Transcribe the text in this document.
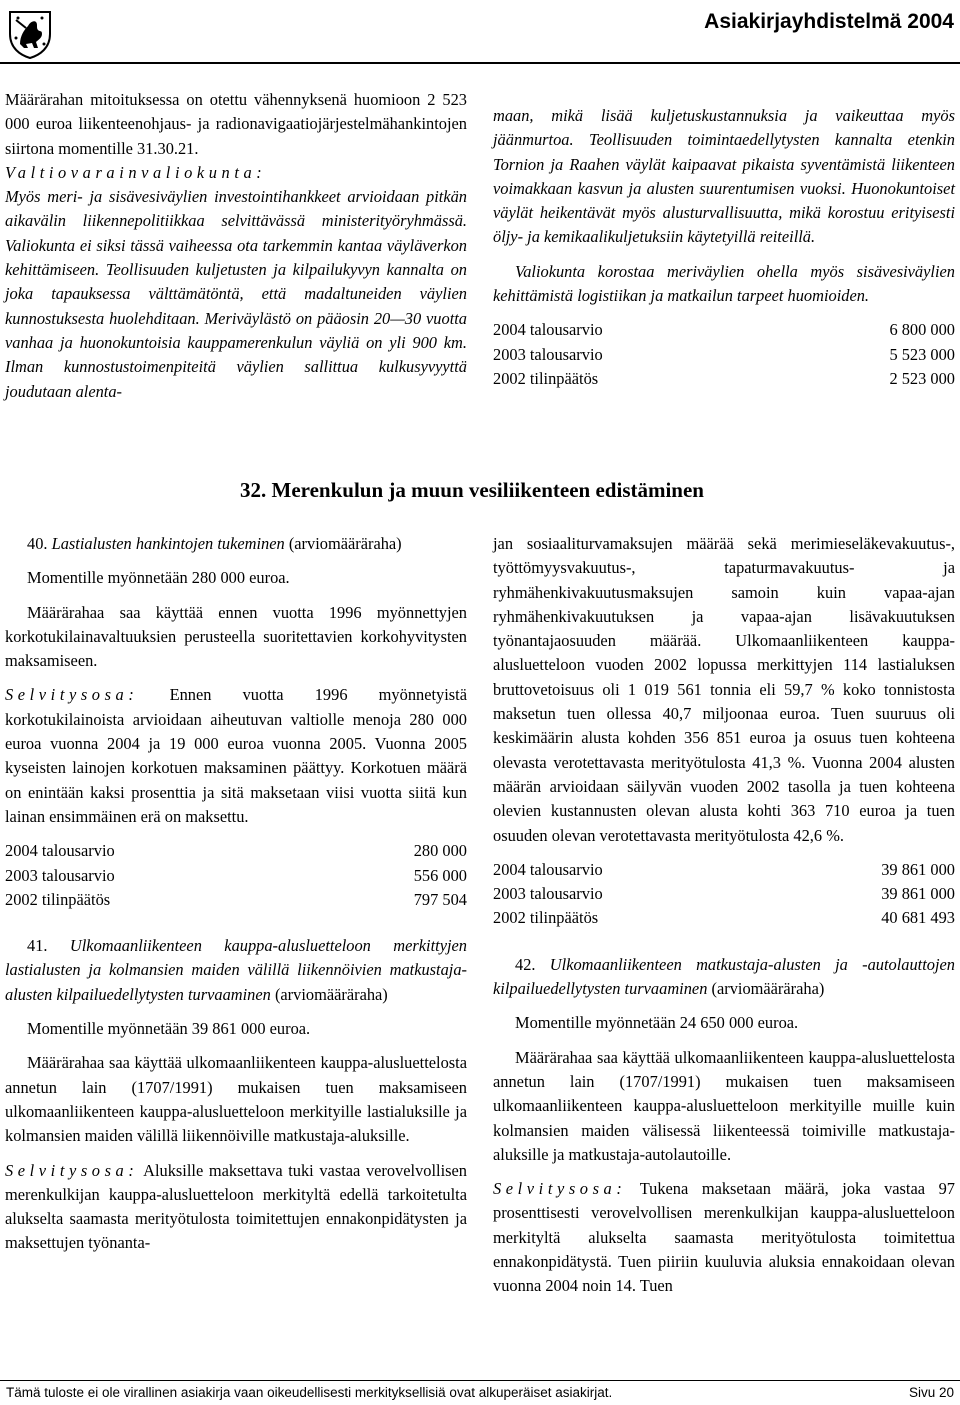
Asiakirjayhdistelmä 2004

Määrärahan mitoituksessa on otettu vähennyksenä huomioon 2 523 000 euroa liikenteenohjaus- ja radionavigaatiojärjestelmähankintojen siirtona momentille 31.30.21.

Valtiovarainvaliokunta:

Myös meri- ja sisävesiväylien investointihankkeet arvioidaan pitkän aikavälin liikennepolitiikkaa selvittävässä ministerityöryhmässä. Valiokunta ei siksi tässä vaiheessa ota tarkemmin kantaa väyläverkon kehittämiseen. Teollisuuden kuljetusten ja kilpailukyvyn kannalta on joka tapauksessa välttämätöntä, että madaltuneiden väylien kunnostuksesta huolehditaan. Meriväylästö on pääosin 20—30 vuotta vanhaa ja huonokuntoisia kauppamerenkulun väyliä on yli 900 km. Ilman kunnostustoimenpiteitä väylien sallittua kulkusyvyyttä joudutaan alenta-

maan, mikä lisää kuljetuskustannuksia ja vaikeuttaa myös jäänmurtoa. Teollisuuden toimintaedellytysten kannalta etenkin Tornion ja Raahen väylät kaipaavat pikaista syventämistä liikenteen voimakkaan kasvun ja alusten suurentumisen vuoksi. Huonokuntoiset väylät heikentävät myös alusturvallisuutta, mikä korostuu erityisesti öljy- ja kemikaalikuljetuksiin käytetyillä reiteillä.

Valiokunta korostaa meriväylien ohella myös sisävesiväylien kehittämistä logistiikan ja matkailun tarpeet huomioiden.

2004 talousarvio	6 800 000
2003 talousarvio	5 523 000
2002 tilinpäätös	2 523 000
32. Merenkulun ja muun vesiliikenteen edistäminen

40. Lastialusten hankintojen tukeminen (arviomääräraha)

Momentille myönnetään 280 000 euroa.

Määrärahaa saa käyttää ennen vuotta 1996 myönnettyjen korkotukilainavaltuuksien perusteella suoritettavien korkohyvitysten maksamiseen.

Selvitysosa: Ennen vuotta 1996 myönnetyistä korkotukilainoista arvioidaan aiheutuvan valtiolle menoja 280 000 euroa vuonna 2004 ja 19 000 euroa vuonna 2005. Vuonna 2005 kyseisten lainojen korkotuen maksaminen päättyy. Korkotuen määrä on enintään kaksi prosenttia ja sitä maksetaan viisi vuotta siitä kun lainan ensimmäinen erä on maksettu.

2004 talousarvio	280 000
2003 talousarvio	556 000
2002 tilinpäätös	797 504

41. Ulkomaanliikenteen kauppa-alusluetteloon merkittyjen lastialusten ja kolmansien maiden välillä liikennöivien matkustaja-alusten kilpailuedellytysten turvaaminen (arviomääräraha)

Momentille myönnetään 39 861 000 euroa.

Määrärahaa saa käyttää ulkomaanliikenteen kauppa-alusluettelosta annetun lain (1707/1991) mukaisen tuen maksamiseen ulkomaanliikenteen kauppa-alusluetteloon merkityille lastialuksille ja kolmansien maiden välillä liikennöiville matkustaja-aluksille.

Selvitysosa: Aluksille maksettava tuki vastaa verovelvollisen merenkulkijan kauppa-alusluetteloon merkityltä edellä tarkoitetulta alukselta saamasta merityötulosta toimitettujen ennakonpidätysten ja maksettujen työnanta-

jan sosiaaliturvamaksujen määrää sekä merimieseläkevakuutus-, työttömyysvakuutus-, tapaturmavakuutus- ja ryhmähenkivakuutusmaksujen samoin kuin vapaa-ajan ryhmähenkivakuutuksen ja vapaa-ajan lisävakuutuksen työnantajaosuuden määrää. Ulkomaanliikenteen kauppa-alusluetteloon vuoden 2002 lopussa merkittyjen 114 lastialuksen bruttovetoisuus oli 1 019 561 tonnia eli 59,7 % koko tonnistosta maksetun tuen ollessa 40,7 miljoonaa euroa. Tuen suuruus oli keskimäärin alusta kohden 356 851 euroa ja osuus tuen kohteena olevasta verotettavasta merityötulosta 41,3 %. Vuonna 2004 alusten määrän arvioidaan säilyvän vuoden 2002 tasolla ja tuen kohteena olevien kustannusten olevan alusta kohti 363 710 euroa ja tuen osuuden olevan verotettavasta merityötulosta 42,6 %.

2004 talousarvio	39 861 000
2003 talousarvio	39 861 000
2002 tilinpäätös	40 681 493

42. Ulkomaanliikenteen matkustaja-alusten ja -autolauttojen kilpailuedellytysten turvaaminen (arviomääräraha)

Momentille myönnetään 24 650 000 euroa.

Määrärahaa saa käyttää ulkomaanliikenteen kauppa-alusluettelosta annetun lain (1707/1991) mukaisen tuen maksamiseen ulkomaanliikenteen kauppa-alusluetteloon merkityille muille kuin kolmansien maiden välisessä liikenteessä toimiville matkustaja-aluksille ja matkustaja-autolautoille.

Selvitysosa: Tukena maksetaan määrä, joka vastaa 97 prosenttisesti verovelvollisen merenkulkijan kauppa-alusluetteloon merkityltä alukselta saamasta merityötulosta toimitettua ennakonpidätystä. Tuen piiriin kuuluvia aluksia ennakoidaan olevan vuonna 2004 noin 14. Tuen

Tämä tuloste ei ole virallinen asiakirja vaan oikeudellisesti merkityksellisiä ovat alkuperäiset asiakirjat.	Sivu 20
